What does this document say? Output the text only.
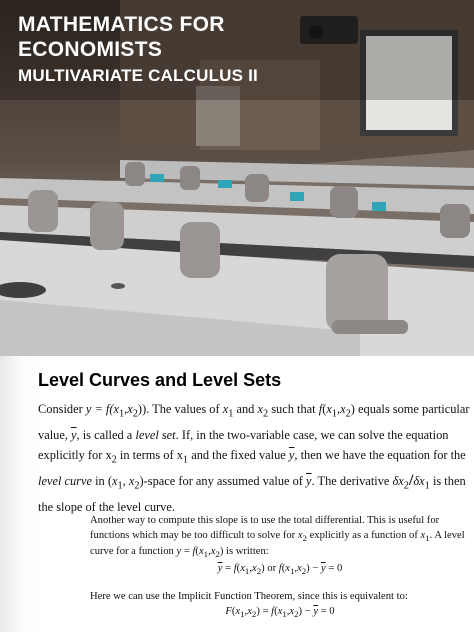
MATHEMATICS FOR
ECONOMISTS
MULTIVARIATE CALCULUS II
Level Curves and Level Sets

Consider $y = f(x_1,x_2)$). The values of $x_1$ and $x_2$ such that $f(x_1,x_2)$ equals some particular value, $\overline{y}$, is called a level set. If, in the two-variable case, we can solve the equation explicitly for $x_2$ in terms of $x_1$ and the fixed value $\overline{y}$, then we have the equation for the level curve in ($x_1$, $x_2$)-space for any assumed value of $\overline{y}$. The derivative $\delta x_2/\delta x_1$ is then the slope of the level curve.

Another way to compute this slope is to use the total differential. This is useful for functions which may be too difficult to solve for $x_2$ explicitly as a function of $x_1$. A level curve for a function $y = f(x_1,x_2)$ is written:

$\overline{y} = f(x_1,x_2)$ or $f(x_1,x_2) - \overline{y} = 0$

Here we can use the Implicit Function Theorem, since this is equivalent to:

$F(x_1,x_2) = f(x_1,x_2) - \overline{y} = 0$
